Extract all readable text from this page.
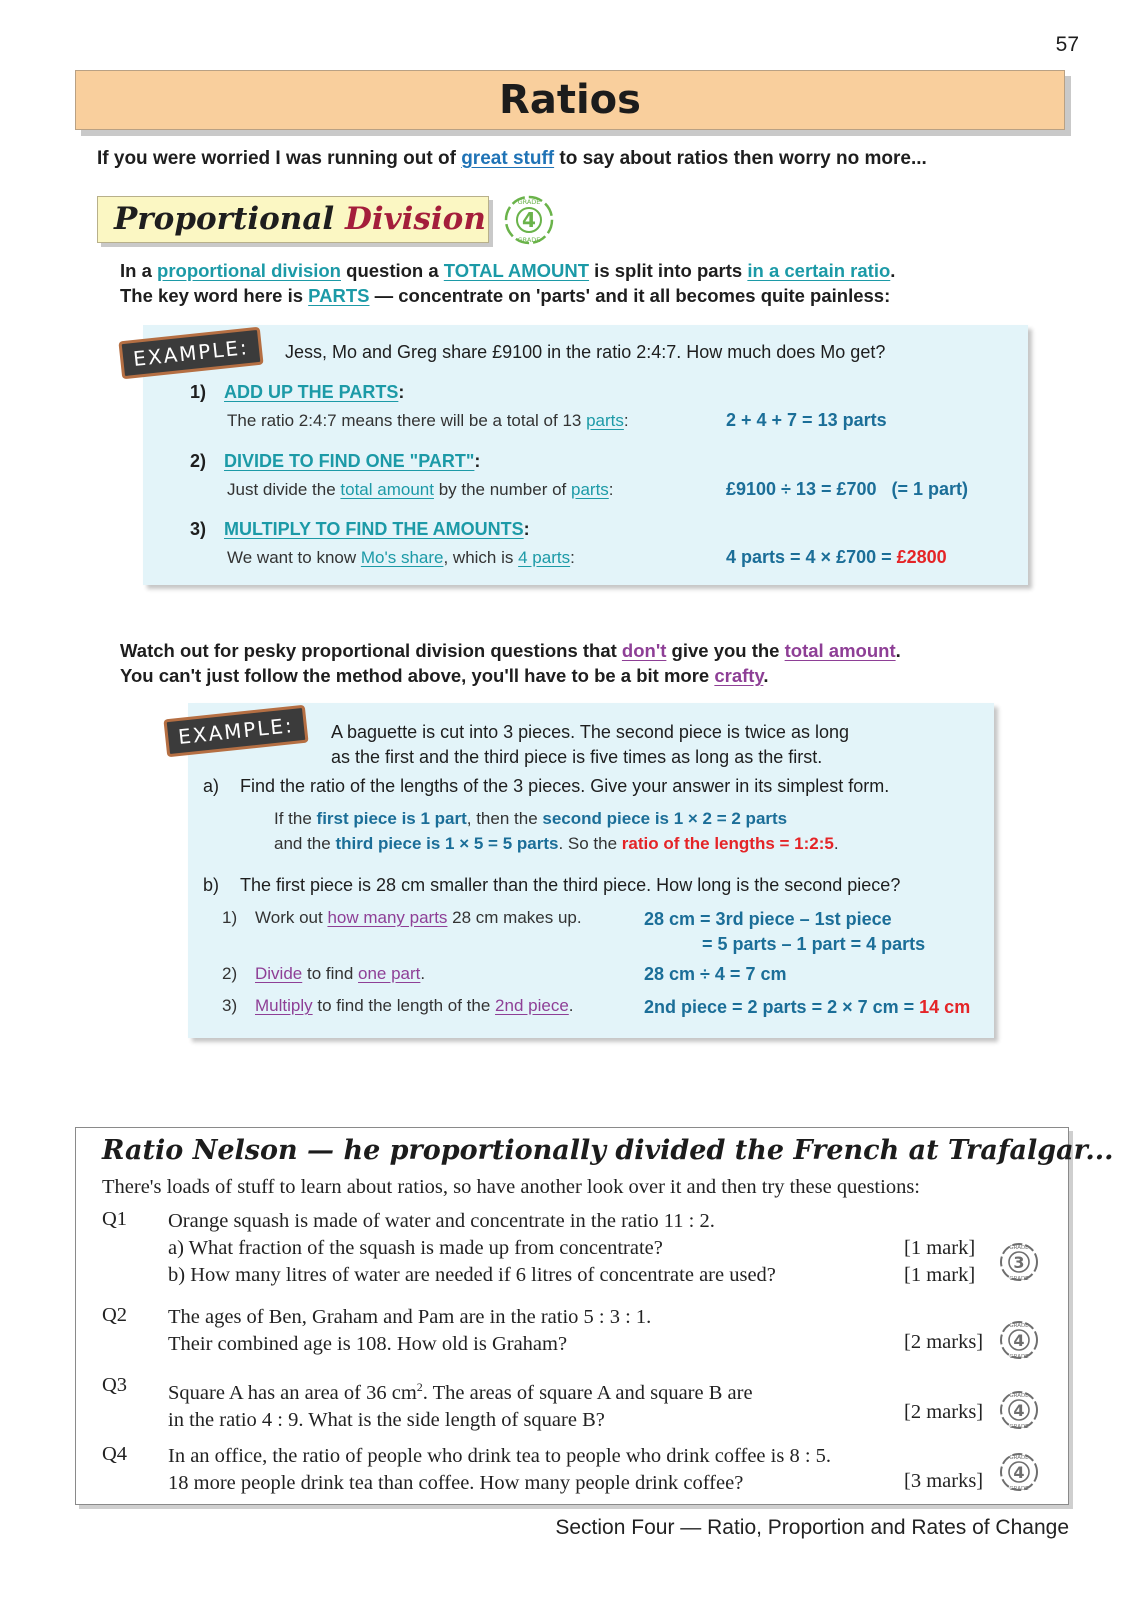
57
Ratios
If you were worried I was running out of great stuff to say about ratios then worry no more...
Proportional Division 4
GRADE
GRADE
In a proportional division question a TOTAL AMOUNT is split into parts in a certain ratio.
The key word here is PARTS — concentrate on 'parts' and it all becomes quite painless:
EXAMPLE:	Jess, Mo and Greg share £9100 in the ratio 2:4:7. How much does Mo get?
1) ADD UP THE PARTS:
The ratio 2:4:7 means there will be a total of 13 parts:	2 + 4 + 7 = 13 parts
2) DIVIDE TO FIND ONE "PART":
Just divide the total amount by the number of parts:	£9100 ÷ 13 = £700   (= 1 part)
3) MULTIPLY TO FIND THE AMOUNTS:
We want to know Mo's share, which is 4 parts:	4 parts = 4 × £700 = £2800
Watch out for pesky proportional division questions that don't give you the total amount.
You can't just follow the method above, you'll have to be a bit more crafty.
EXAMPLE:	A baguette is cut into 3 pieces. The second piece is twice as long
as the first and the third piece is five times as long as the first.
a) Find the ratio of the lengths of the 3 pieces. Give your answer in its simplest form.
If the first piece is 1 part, then the second piece is 1 × 2 = 2 parts
and the third piece is 1 × 5 = 5 parts. So the ratio of the lengths = 1:2:5.
b) The first piece is 28 cm smaller than the third piece. How long is the second piece?
1) Work out how many parts 28 cm makes up.	28 cm = 3rd piece – 1st piece
= 5 parts – 1 part = 4 parts
2) Divide to find one part.	28 cm ÷ 4 = 7 cm
3) Multiply to find the length of the 2nd piece.	2nd piece = 2 parts = 2 × 7 cm = 14 cm
Ratio Nelson — he proportionally divided the French at Trafalgar...
There's loads of stuff to learn about ratios, so have another look over it and then try these questions:
Q1 Orange squash is made of water and concentrate in the ratio 11 : 2.
a) What fraction of the squash is made up from concentrate?
b) How many litres of water are needed if 6 litres of concentrate are used?
[1 mark]
[1 mark]
Q2 The ages of Ben, Graham and Pam are in the ratio 5 : 3 : 1.
Their combined age is 108. How old is Graham?	[2 marks]
Q3 Square A has an area of 36 $cm^2$. The areas of square A and square B are
in the ratio 4 : 9. What is the side length of square B?	[2 marks]
Q4 In an office, the ratio of people who drink tea to people who drink coffee is 8 : 5.
18 more people drink tea than coffee. How many people drink coffee?	[3 marks]
3
GRADE
GRADE
4
GRADE
GRADE
4
GRADE
GRADE
4
GRADE
GRADE
Section Four — Ratio, Proportion and Rates of Change
